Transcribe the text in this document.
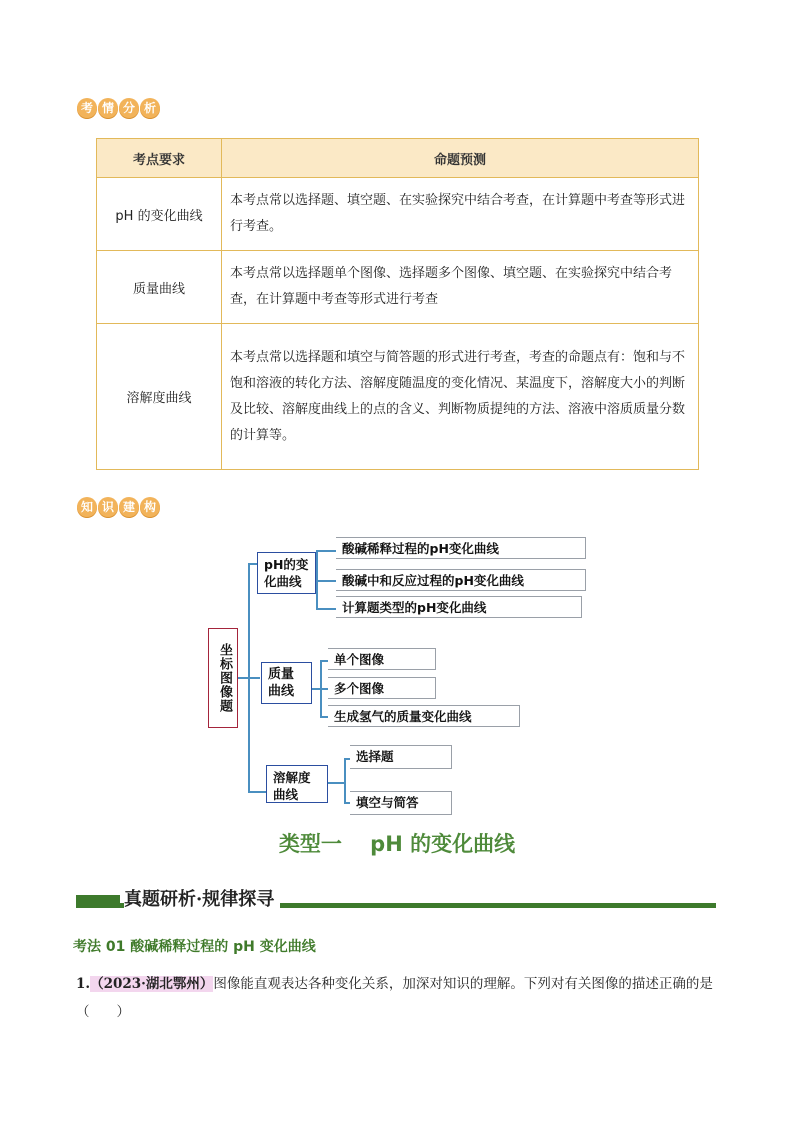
考 情 分 析
考点要求	命题预测
pH 的变化曲线	本考点常以选择题、填空题、在实验探究中结合考查，在计算题中考查等形式进行考查。
质量曲线	本考点常以选择题单个图像、选择题多个图像、填空题、在实验探究中结合考查，在计算题中考查等形式进行考查
溶解度曲线	本考点常以选择题和填空与简答题的形式进行考查，考查的命题点有：饱和与不饱和溶液的转化方法、溶解度随温度的变化情况、某温度下，溶解度大小的判断及比较、溶解度曲线上的点的含义、判断物质提纯的方法、溶液中溶质质量分数的计算等。
知 识 建 构
坐标图像题
pH的变化曲线
酸碱稀释过程的pH变化曲线
酸碱中和反应过程的pH变化曲线
计算题类型的pH变化曲线
质量曲线
单个图像
多个图像
生成氢气的质量变化曲线
溶解度曲线
选择题
填空与简答
类型一　 pH 的变化曲线
真题研析·规律探寻
考法 01 酸碱稀释过程的 pH 变化曲线
1.（2023·湖北鄂州）图像能直观表达各种变化关系，加深对知识的理解。下列对有关图像的描述正确的是
（　　）
